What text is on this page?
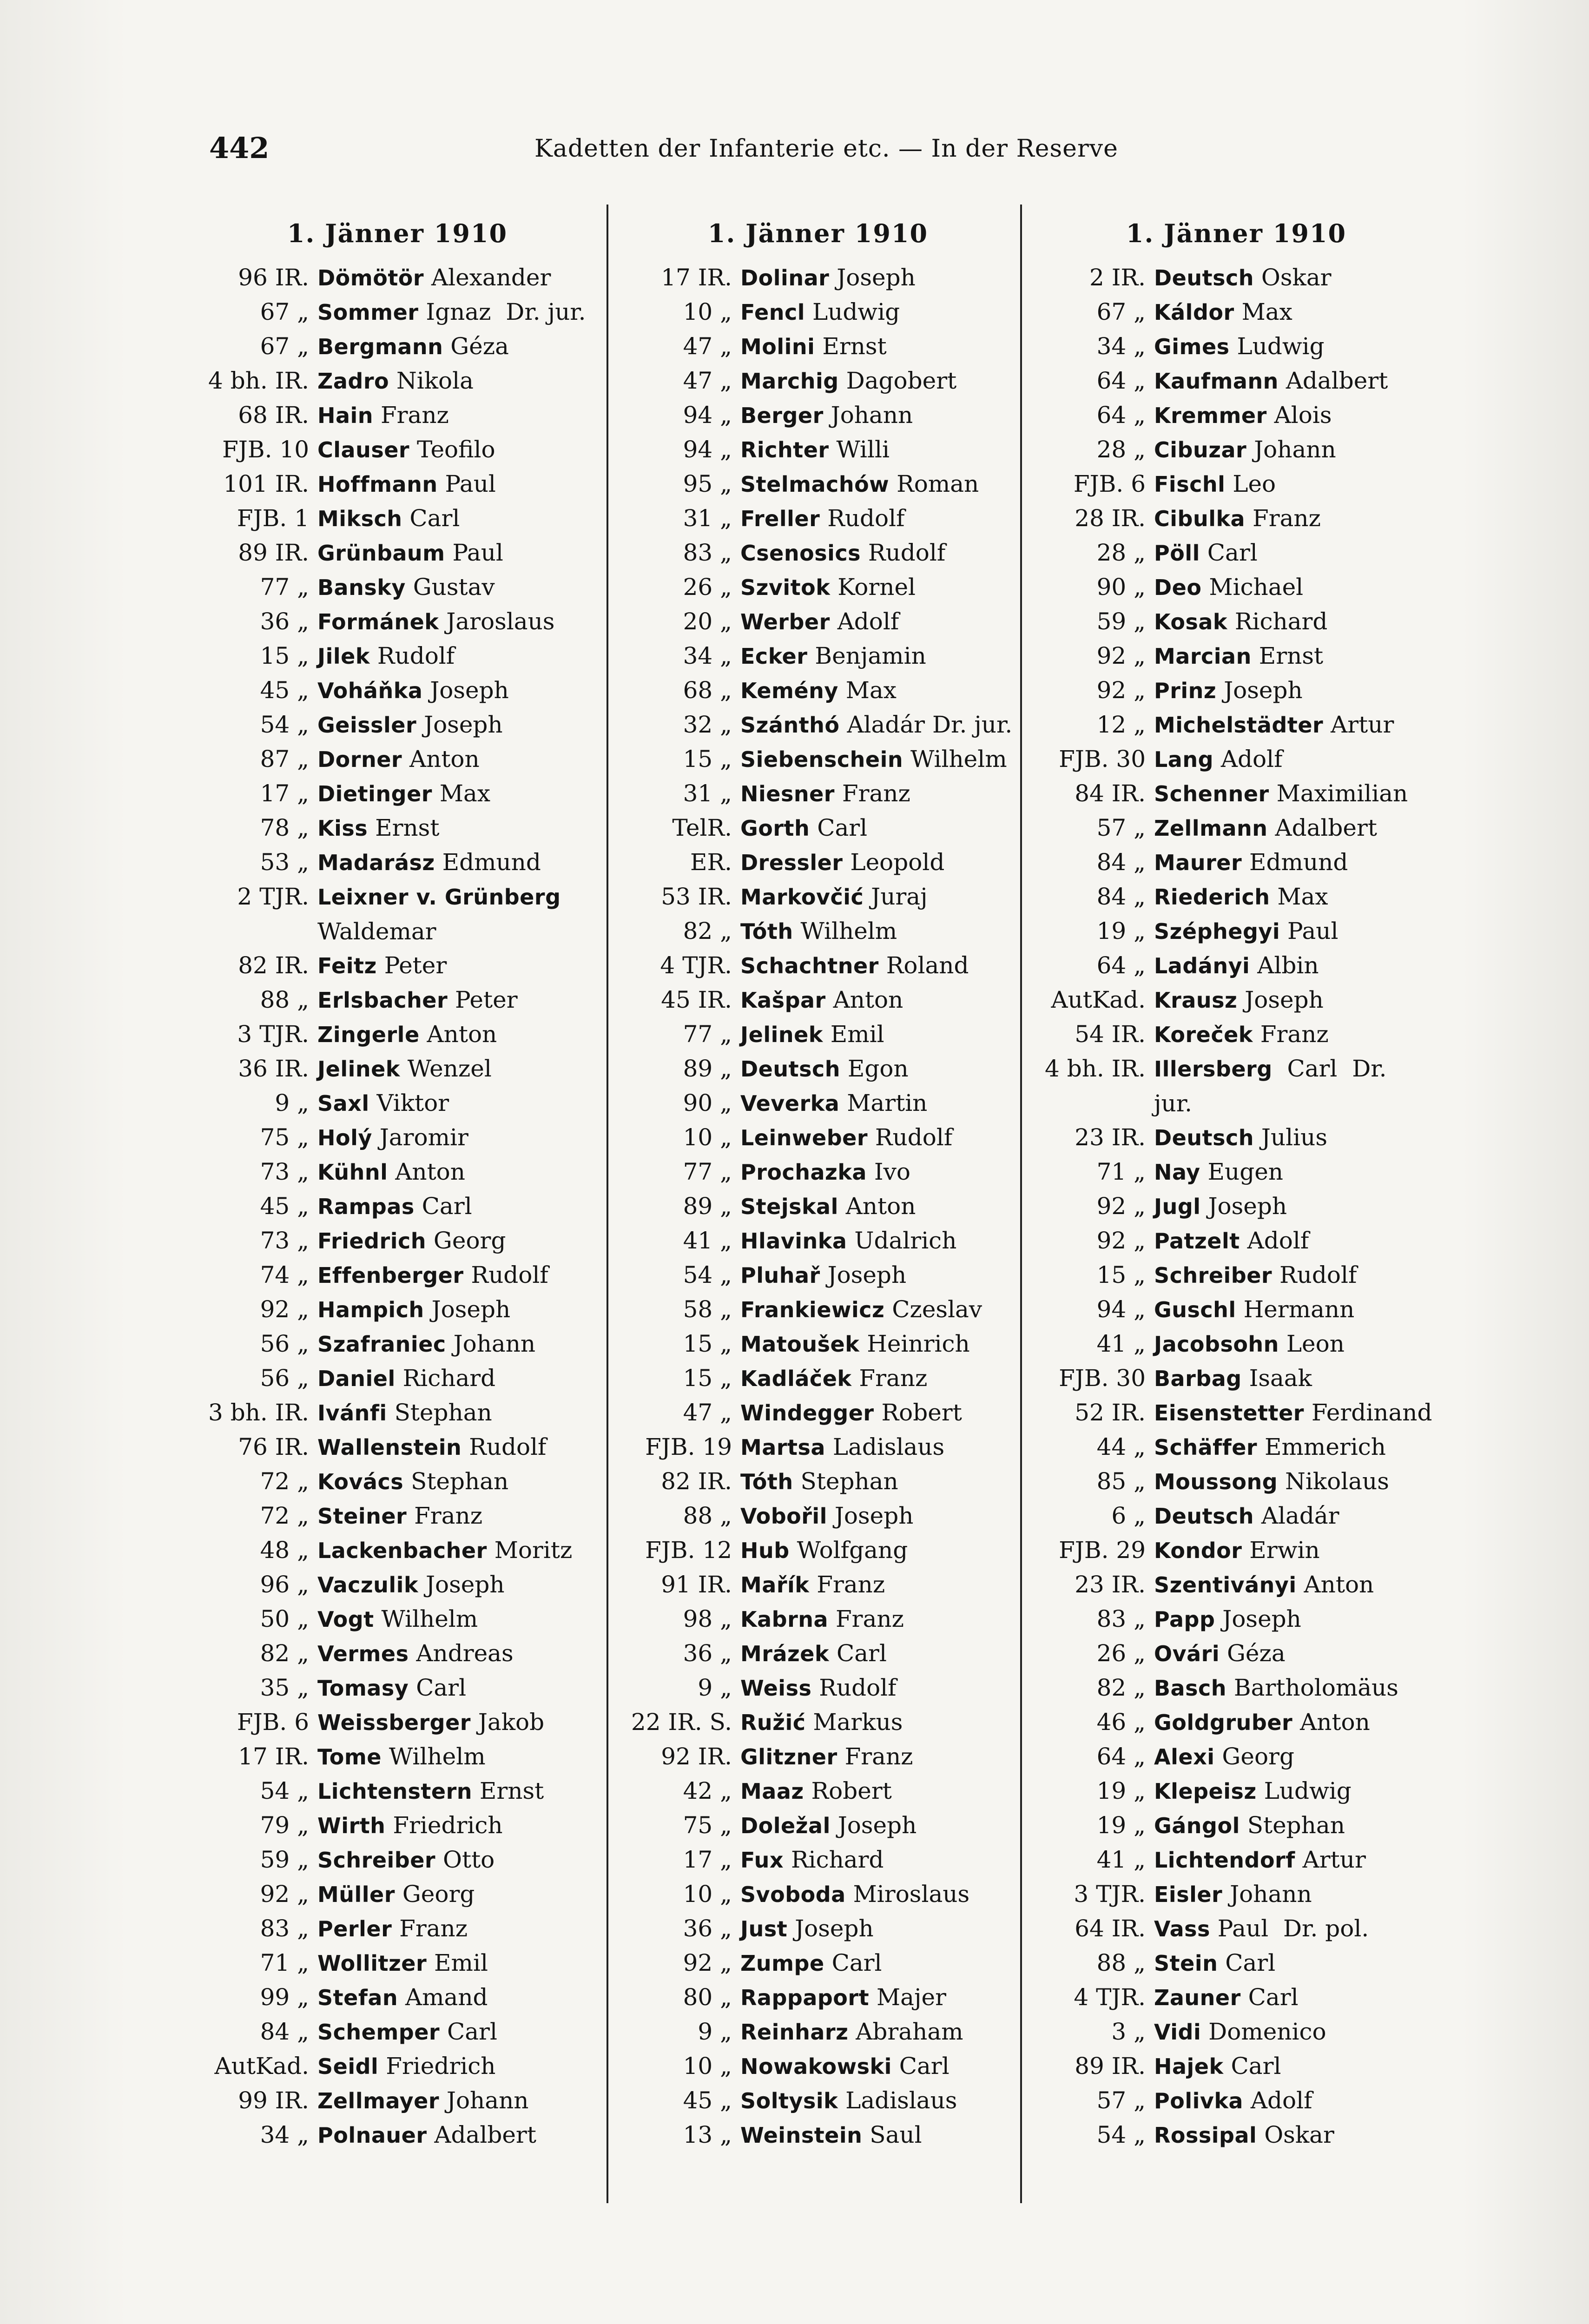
442	Kadetten der Infanterie etc. — In der Reserve
1. Jänner 1910
96 IR. Dömötör Alexander
67 „ Sommer Ignaz  Dr. jur.
67 „ Bergmann Géza
4 bh. IR. Zadro Nikola
68 IR. Hain Franz
FJB. 10 Clauser Teofilo
101 IR. Hoffmann Paul
FJB. 1 Miksch Carl
89 IR. Grünbaum Paul
77 „ Bansky Gustav
36 „ Formánek Jaroslaus
15 „ Jilek Rudolf
45 „ Voháňka Joseph
54 „ Geissler Joseph
87 „ Dorner Anton
17 „ Dietinger Max
78 „ Kiss Ernst
53 „ Madarász Edmund
2 TJR. Leixner v. Grünberg
Waldemar
82 IR. Feitz Peter
88 „ Erlsbacher Peter
3 TJR. Zingerle Anton
36 IR. Jelinek Wenzel
9 „ Saxl Viktor
75 „ Holý Jaromir
73 „ Kühnl Anton
45 „ Rampas Carl
73 „ Friedrich Georg
74 „ Effenberger Rudolf
92 „ Hampich Joseph
56 „ Szafraniec Johann
56 „ Daniel Richard
3 bh. IR. Ivánfi Stephan
76 IR. Wallenstein Rudolf
72 „ Kovács Stephan
72 „ Steiner Franz
48 „ Lackenbacher Moritz
96 „ Vaczulik Joseph
50 „ Vogt Wilhelm
82 „ Vermes Andreas
35 „ Tomasy Carl
FJB. 6 Weissberger Jakob
17 IR. Tome Wilhelm
54 „ Lichtenstern Ernst
79 „ Wirth Friedrich
59 „ Schreiber Otto
92 „ Müller Georg
83 „ Perler Franz
71 „ Wollitzer Emil
99 „ Stefan Amand
84 „ Schemper Carl
AutKad. Seidl Friedrich
99 IR. Zellmayer Johann
34 „ Polnauer Adalbert
1. Jänner 1910
17 IR. Dolinar Joseph
10 „ Fencl Ludwig
47 „ Molini Ernst
47 „ Marchig Dagobert
94 „ Berger Johann
94 „ Richter Willi
95 „ Stelmachów Roman
31 „ Freller Rudolf
83 „ Csenosics Rudolf
26 „ Szvitok Kornel
20 „ Werber Adolf
34 „ Ecker Benjamin
68 „ Kemény Max
32 „ Szánthó Aladár Dr. jur.
15 „ Siebenschein Wilhelm
31 „ Niesner Franz
TelR. Gorth Carl
ER. Dressler Leopold
53 IR. Markovčić Juraj
82 „ Tóth Wilhelm
4 TJR. Schachtner Roland
45 IR. Kašpar Anton
77 „ Jelinek Emil
89 „ Deutsch Egon
90 „ Veverka Martin
10 „ Leinweber Rudolf
77 „ Prochazka Ivo
89 „ Stejskal Anton
41 „ Hlavinka Udalrich
54 „ Pluhař Joseph
58 „ Frankiewicz Czeslav
15 „ Matoušek Heinrich
15 „ Kadláček Franz
47 „ Windegger Robert
FJB. 19 Martsa Ladislaus
82 IR. Tóth Stephan
88 „ Vobořil Joseph
FJB. 12 Hub Wolfgang
91 IR. Mařík Franz
98 „ Kabrna Franz
36 „ Mrázek Carl
9 „ Weiss Rudolf
22 IR. S. Ružić Markus
92 IR. Glitzner Franz
42 „ Maaz Robert
75 „ Doležal Joseph
17 „ Fux Richard
10 „ Svoboda Miroslaus
36 „ Just Joseph
92 „ Zumpe Carl
80 „ Rappaport Majer
9 „ Reinharz Abraham
10 „ Nowakowski Carl
45 „ Soltysik Ladislaus
13 „ Weinstein Saul
1. Jänner 1910
2 IR. Deutsch Oskar
67 „ Káldor Max
34 „ Gimes Ludwig
64 „ Kaufmann Adalbert
64 „ Kremmer Alois
28 „ Cibuzar Johann
FJB. 6 Fischl Leo
28 IR. Cibulka Franz
28 „ Pöll Carl
90 „ Deo Michael
59 „ Kosak Richard
92 „ Marcian Ernst
92 „ Prinz Joseph
12 „ Michelstädter Artur
FJB. 30 Lang Adolf
84 IR. Schenner Maximilian
57 „ Zellmann Adalbert
84 „ Maurer Edmund
84 „ Riederich Max
19 „ Széphegyi Paul
64 „ Ladányi Albin
AutKad. Krausz Joseph
54 IR. Koreček Franz
4 bh. IR. Illersberg  Carl  Dr.
jur.
23 IR. Deutsch Julius
71 „ Nay Eugen
92 „ Jugl Joseph
92 „ Patzelt Adolf
15 „ Schreiber Rudolf
94 „ Guschl Hermann
41 „ Jacobsohn Leon
FJB. 30 Barbag Isaak
52 IR. Eisenstetter Ferdinand
44 „ Schäffer Emmerich
85 „ Moussong Nikolaus
6 „ Deutsch Aladár
FJB. 29 Kondor Erwin
23 IR. Szentiványi Anton
83 „ Papp Joseph
26 „ Ovári Géza
82 „ Basch Bartholomäus
46 „ Goldgruber Anton
64 „ Alexi Georg
19 „ Klepeisz Ludwig
19 „ Gángol Stephan
41 „ Lichtendorf Artur
3 TJR. Eisler Johann
64 IR. Vass Paul  Dr. pol.
88 „ Stein Carl
4 TJR. Zauner Carl
3 „ Vidi Domenico
89 IR. Hajek Carl
57 „ Polivka Adolf
54 „ Rossipal Oskar
